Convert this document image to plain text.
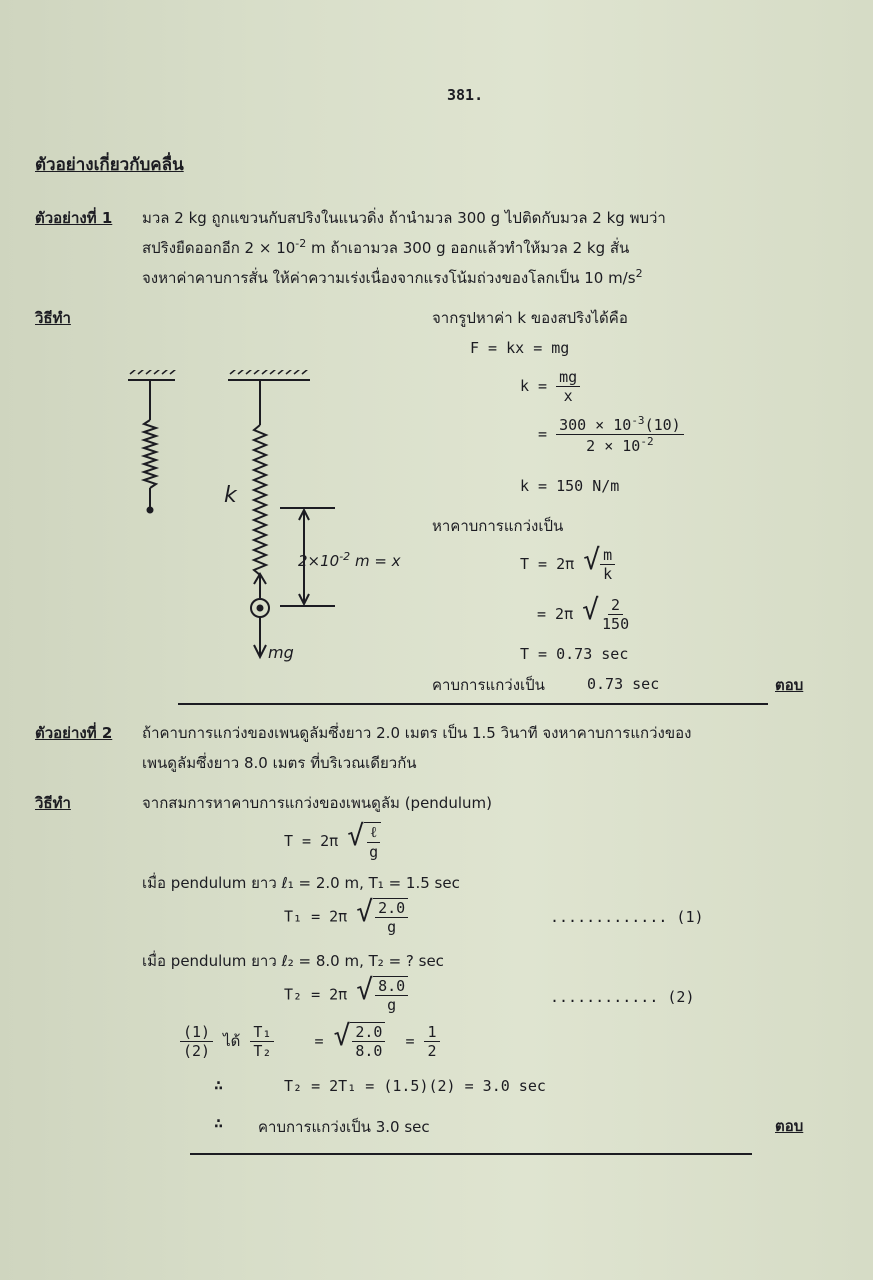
381.
ตัวอย่างเกี่ยวกับคลื่น
ตัวอย่างที่ 1 มวล 2 kg ถูกแขวนกับสปริงในแนวดิ่ง ถ้านำมวล 300 g ไปติดกับมวล 2 kg พบว่า
สปริงยืดออกอีก $2 \times 10^{-2}$ m ถ้าเอามวล 300 g ออกแล้วทำให้มวล 2 kg สั่น
จงหาค่าคาบการสั่น ให้ค่าความเร่งเนื่องจากแรงโน้มถ่วงของโลกเป็น 10 $m/s^2$
วิธีทำ
k
$2\times 10^{-2}$ m = x
mg
จากรูปหาค่า k ของสปริงได้คือ
F = kx = mg
$k = \frac{mg}{x}$
= $\frac{300 \times 10^{-3}(10)}{2 \times 10^{-2}}$
k = 150 N/m
หาคาบการแกว่งเป็น
T = 2π √ $\frac{m}{k}$
= 2π √ $\frac{2}{150}$
T = 0.73 sec
คาบการแกว่งเป็น	0.73 sec	ตอบ
ตัวอย่างที่ 2 ถ้าคาบการแกว่งของเพนดูลัมซึ่งยาว 2.0 เมตร เป็น 1.5 วินาที จงหาคาบการแกว่งของ
เพนดูลัมซึ่งยาว 8.0 เมตร ที่บริเวณเดียวกัน
วิธีทำ	จากสมการหาคาบการแกว่งของเพนดูลัม (pendulum)
T = 2π √ $\frac{\text{ℓ}}{g}$
เมื่อ pendulum ยาว ℓ₁ = 2.0 m, T₁ = 1.5 sec
T₁ = 2π √ $\frac{2.0}{g}$	............. (1)
เมื่อ pendulum ยาว ℓ₂ = 8.0 m, T₂ = ? sec
T₂ = 2π √ $\frac{8.0}{g}$	............ (2)
$\frac{(1)}{(2)}$ ได้ $\frac{\text{T₁}}{\text{T₂}}$	= √ $\frac{2.0}{8.0} = \frac{1}{2}$
∴	T₂ = 2T₁ = (1.5)(2) = 3.0 sec
∴ คาบการแกว่งเป็น 3.0 sec	ตอบ
